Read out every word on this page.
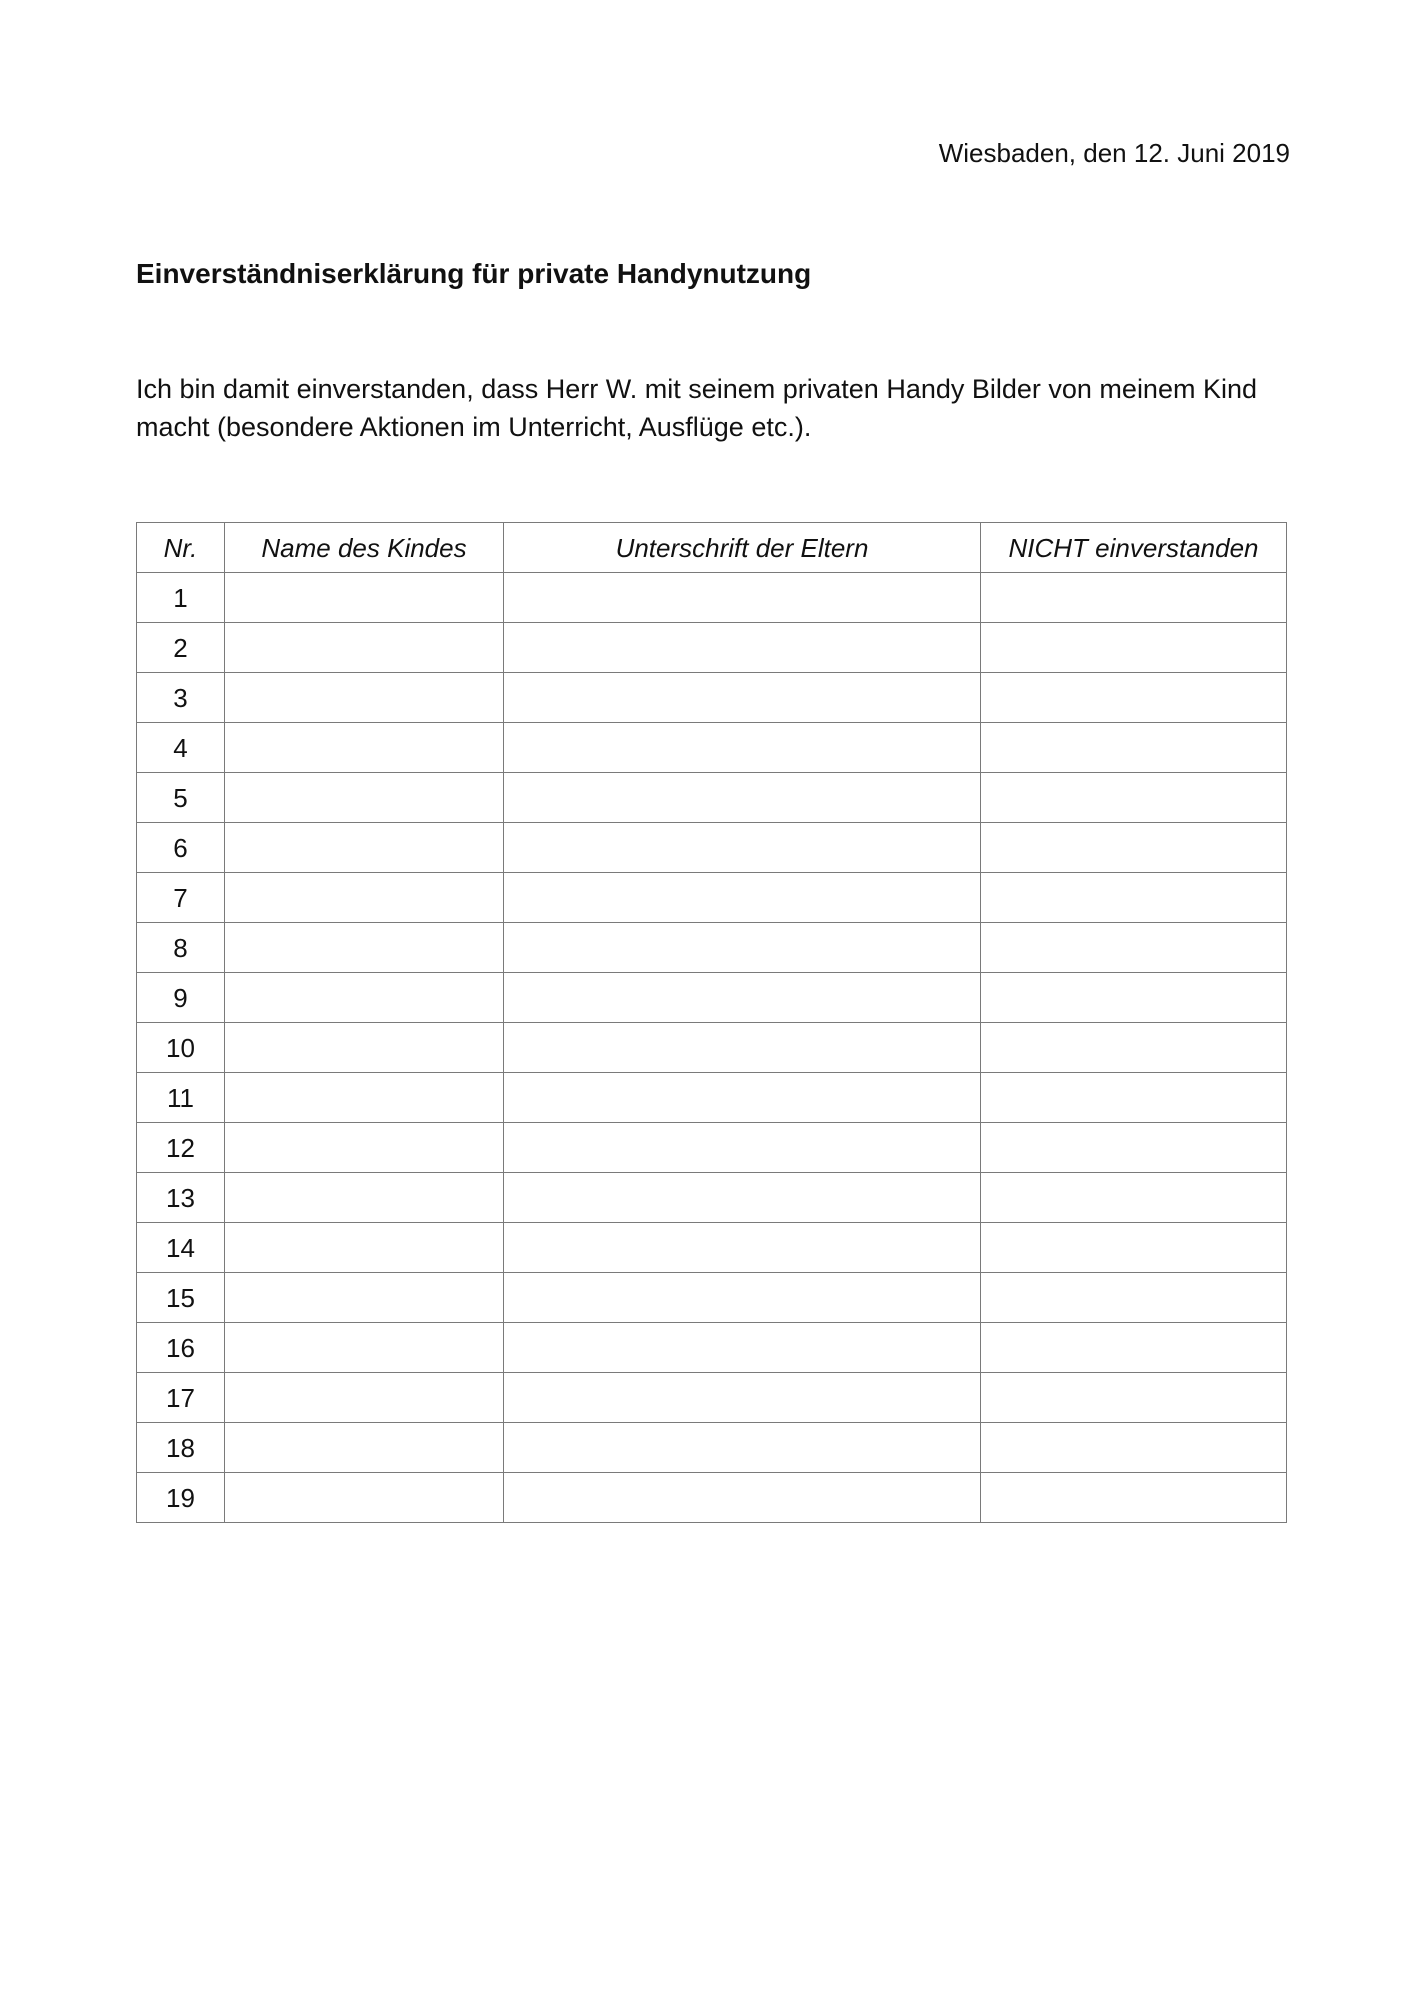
Wiesbaden, den 12. Juni 2019
Einverständniserklärung für private Handynutzung

Ich bin damit einverstanden, dass Herr W. mit seinem privaten Handy Bilder von meinem Kind macht (besondere Aktionen im Unterricht, Ausflüge etc.).

Nr.	Name des Kindes	Unterschrift der Eltern	NICHT einverstanden
1			
2			
3			
4			
5			
6			
7			
8			
9			
10			
11			
12			
13			
14			
15			
16			
17			
18			
19			
